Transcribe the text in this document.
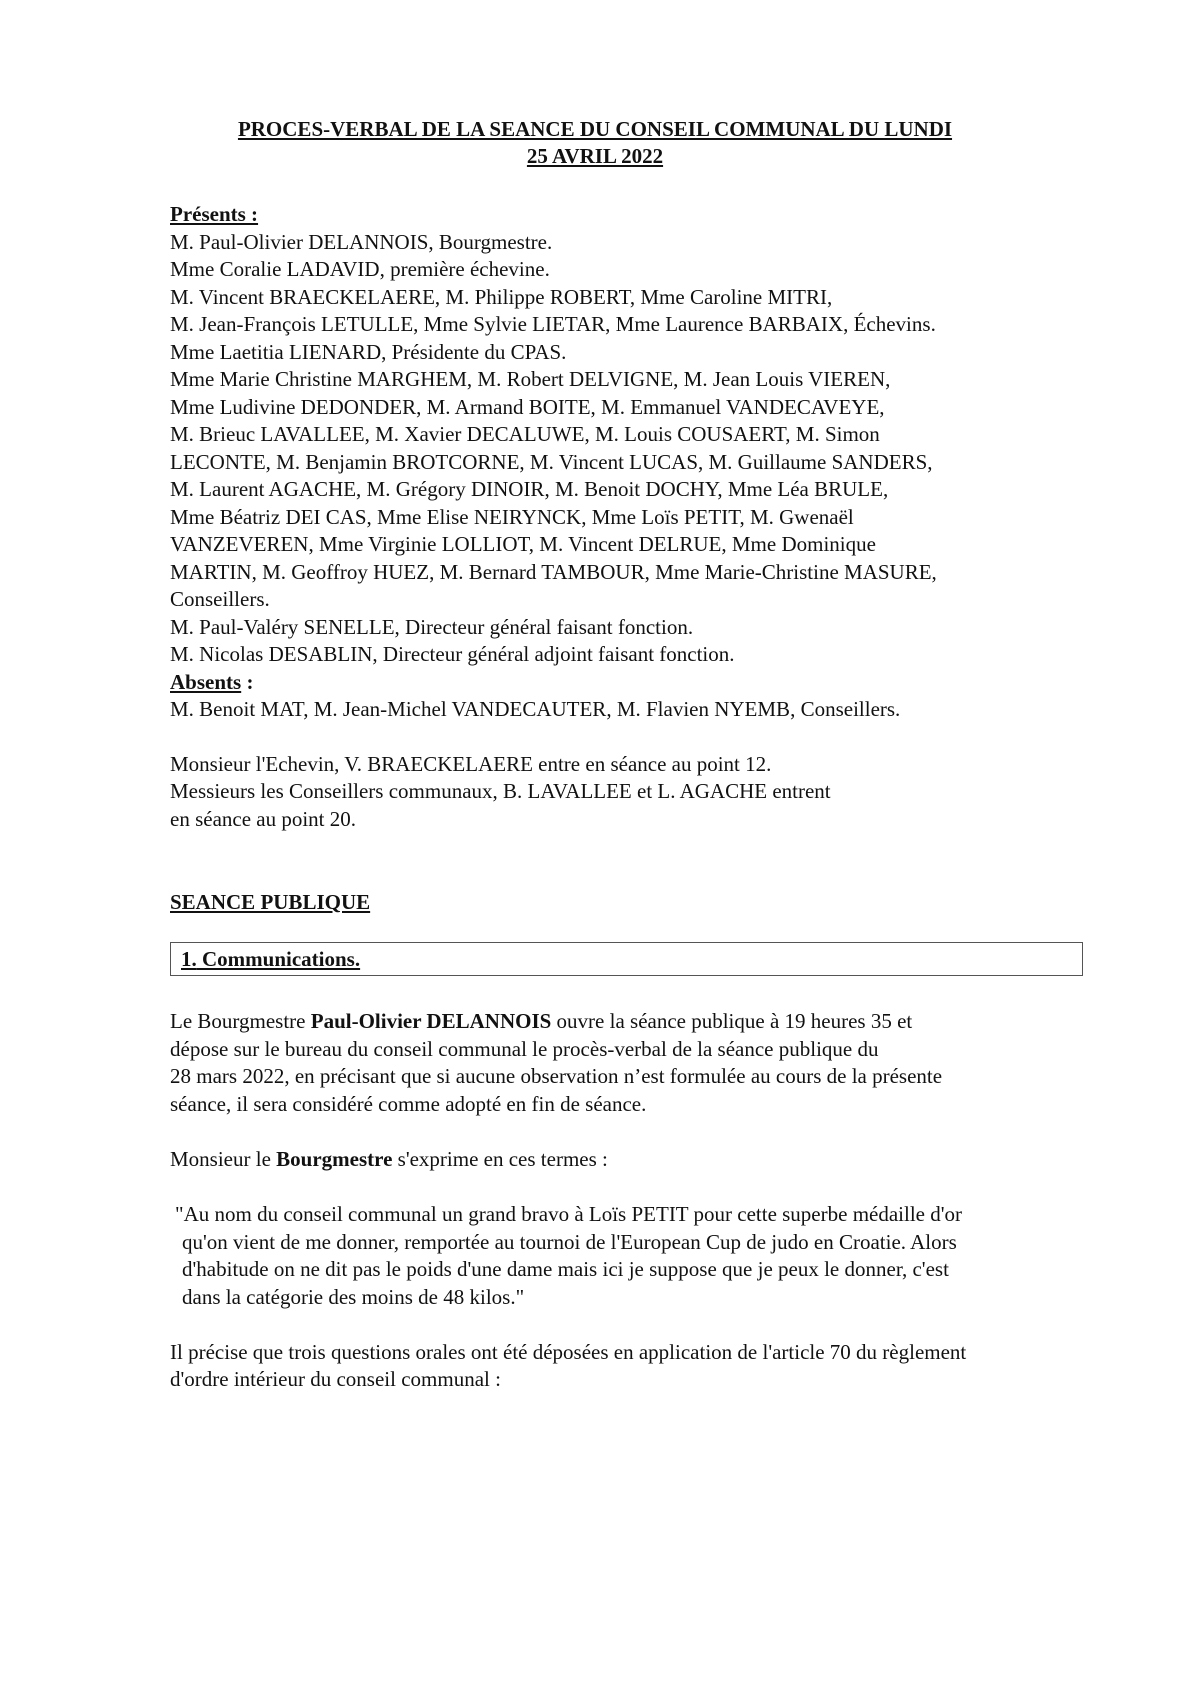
PROCES-VERBAL DE LA SEANCE DU CONSEIL COMMUNAL DU LUNDI
25 AVRIL 2022
Présents :
M. Paul-Olivier DELANNOIS, Bourgmestre.
Mme Coralie LADAVID, première échevine.
M. Vincent BRAECKELAERE, M. Philippe ROBERT, Mme Caroline MITRI,
M. Jean-François LETULLE, Mme Sylvie LIETAR, Mme Laurence BARBAIX, Échevins.
Mme Laetitia LIENARD, Présidente du CPAS.
Mme Marie Christine MARGHEM, M. Robert DELVIGNE, M. Jean Louis VIEREN,
Mme Ludivine DEDONDER, M. Armand BOITE, M. Emmanuel VANDECAVEYE,
M. Brieuc LAVALLEE, M. Xavier DECALUWE, M. Louis COUSAERT, M. Simon
LECONTE, M. Benjamin BROTCORNE, M. Vincent LUCAS, M. Guillaume SANDERS,
M. Laurent AGACHE, M. Grégory DINOIR, M. Benoit DOCHY, Mme Léa BRULE,
Mme Béatriz DEI CAS, Mme Elise NEIRYNCK, Mme Loïs PETIT, M. Gwenaël
VANZEVEREN, Mme Virginie LOLLIOT, M. Vincent DELRUE, Mme Dominique
MARTIN, M. Geoffroy HUEZ, M. Bernard TAMBOUR, Mme Marie-Christine MASURE,
Conseillers.
M. Paul-Valéry SENELLE, Directeur général faisant fonction.
M. Nicolas DESABLIN, Directeur général adjoint faisant fonction.
Absents :
M. Benoit MAT, M. Jean-Michel VANDECAUTER, M. Flavien NYEMB, Conseillers.
Monsieur l'Echevin, V. BRAECKELAERE entre en séance au point 12.
Messieurs les Conseillers communaux, B. LAVALLEE et L. AGACHE entrent
en séance au point 20.
SEANCE PUBLIQUE
1. Communications.
Le Bourgmestre Paul-Olivier DELANNOIS ouvre la séance publique à 19 heures 35 et
dépose sur le bureau du conseil communal le procès-verbal de la séance publique du
28 mars 2022, en précisant que si aucune observation n’est formulée au cours de la présente
séance, il sera considéré comme adopté en fin de séance.
Monsieur le Bourgmestre s'exprime en ces termes :
"Au nom du conseil communal un grand bravo à Loïs PETIT pour cette superbe médaille d'or
qu'on vient de me donner, remportée au tournoi de l'European Cup de judo en Croatie. Alors
d'habitude on ne dit pas le poids d'une dame mais ici je suppose que je peux le donner, c'est
dans la catégorie des moins de 48 kilos."
Il précise que trois questions orales ont été déposées en application de l'article 70 du règlement
d'ordre intérieur du conseil communal :
